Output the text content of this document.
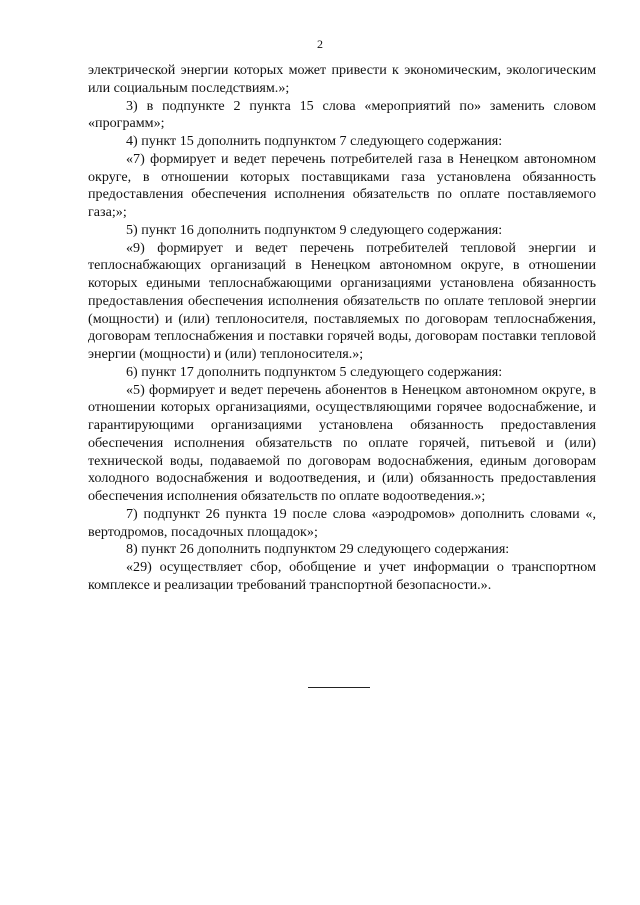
2

электрической энергии которых может привести к экономическим, экологическим или социальным последствиям.»;

3) в подпункте 2 пункта 15 слова «мероприятий по» заменить словом «программ»;

4) пункт 15 дополнить подпунктом 7 следующего содержания:

«7) формирует и ведет перечень потребителей газа в Ненецком автономном округе, в отношении которых поставщиками газа установлена обязанность предоставления обеспечения исполнения обязательств по оплате поставляемого газа;»;

5) пункт 16 дополнить подпунктом 9 следующего содержания:

«9) формирует и ведет перечень потребителей тепловой энергии и теплоснабжающих организаций в Ненецком автономном округе, в отношении которых едиными теплоснабжающими организациями установлена обязанность предоставления обеспечения исполнения обязательств по оплате тепловой энергии (мощности) и (или) теплоносителя, поставляемых по договорам теплоснабжения, договорам теплоснабжения и поставки горячей воды, договорам поставки тепловой энергии (мощности) и (или) теплоносителя.»;

6) пункт 17 дополнить подпунктом 5 следующего содержания:

«5) формирует и ведет перечень абонентов в Ненецком автономном округе, в отношении которых организациями, осуществляющими горячее водоснабжение, и гарантирующими организациями установлена обязанность предоставления обеспечения исполнения обязательств по оплате горячей, питьевой и (или) технической воды, подаваемой по договорам водоснабжения, единым договорам холодного водоснабжения и водоотведения, и (или) обязанность предоставления обеспечения исполнения обязательств по оплате водоотведения.»;

7) подпункт 26 пункта 19 после слова «аэродромов» дополнить словами «, вертодромов, посадочных площадок»;

8) пункт 26 дополнить подпунктом 29 следующего содержания:

«29) осуществляет сбор, обобщение и учет информации о транспортном комплексе и реализации требований транспортной безопасности.».
